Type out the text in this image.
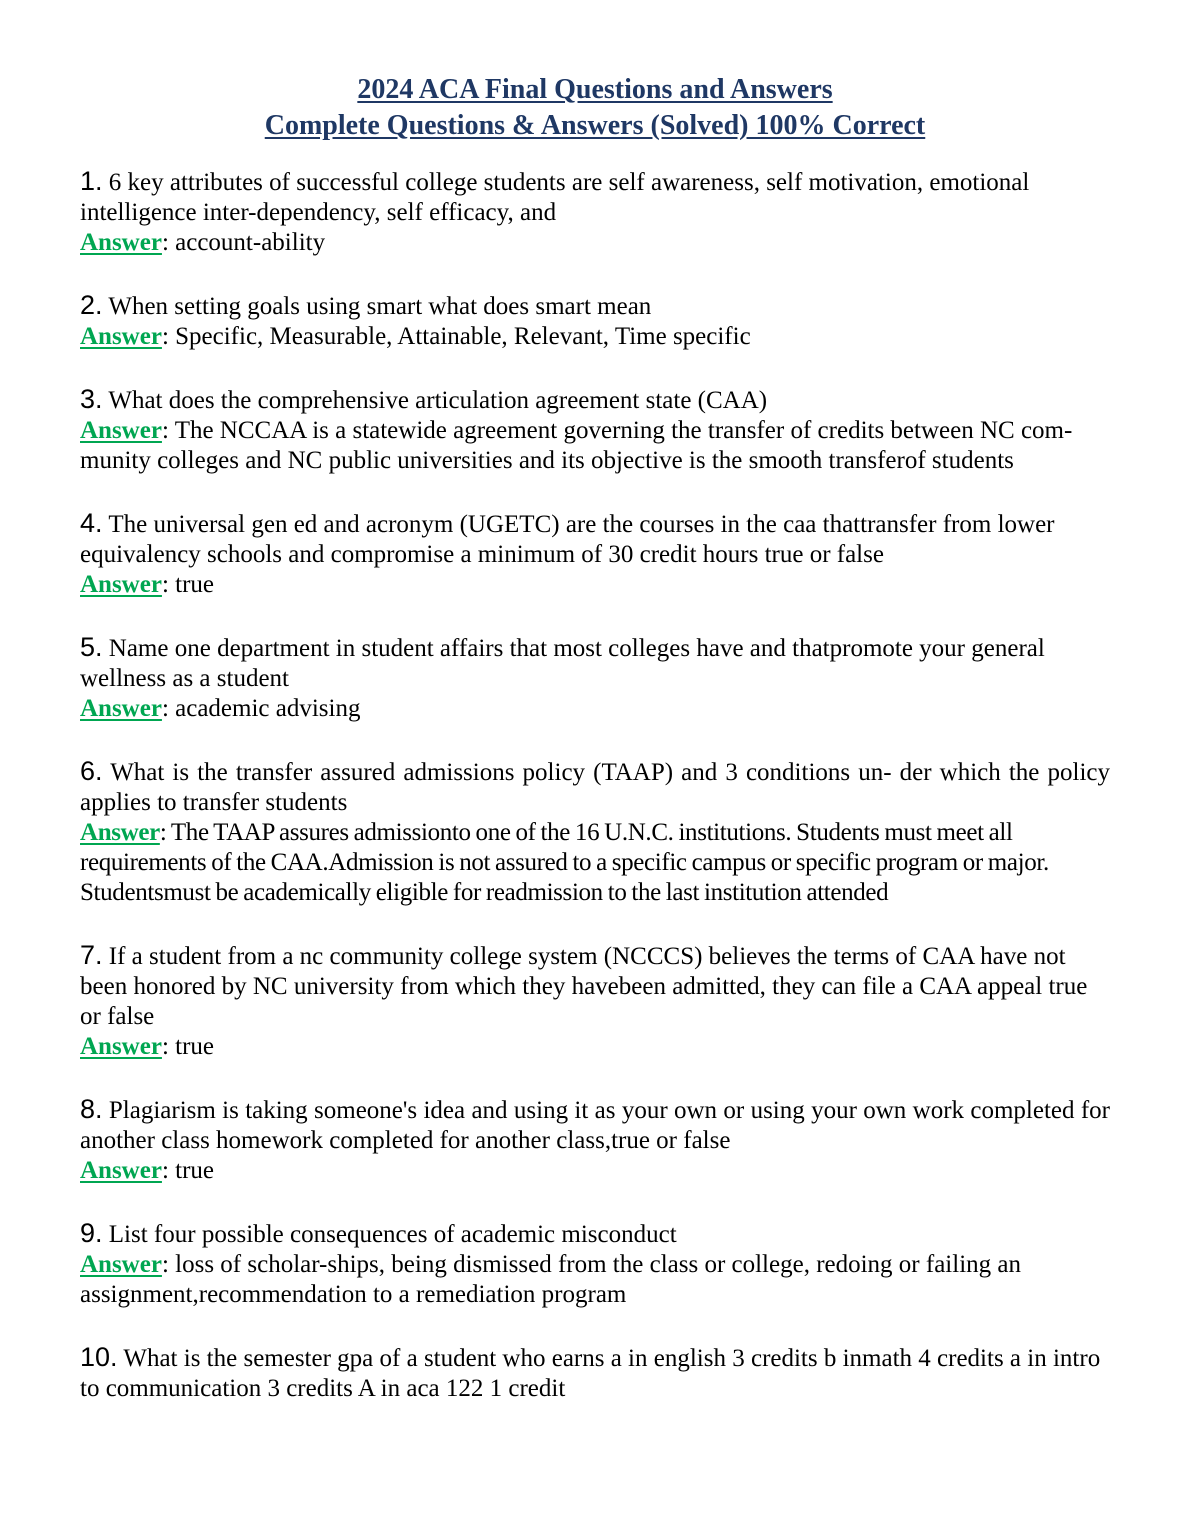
2024 ACA Final Questions and Answers
Complete Questions & Answers (Solved) 100% Correct

1. 6 key attributes of successful college students are self awareness, self motivation, emotional intelligence inter-dependency, self efficacy, and

Answer: account-ability

2. When setting goals using smart what does smart mean

Answer: Specific, Measurable, Attainable, Relevant, Time specific

3. What does the comprehensive articulation agreement state (CAA)

Answer: The NCCAA is a statewide agreement governing the transfer of credits between NC com-munity colleges and NC public universities and its objective is the smooth transferof students

4. The universal gen ed and acronym (UGETC) are the courses in the caa thattransfer from lower equivalency schools and compromise a minimum of 30 credit hours true or false

Answer: true

5. Name one department in student affairs that most colleges have and thatpromote your general wellness as a student

Answer: academic advising

6. What is the transfer assured admissions policy (TAAP) and 3 conditions un- der which the policy applies to transfer students

Answer: The TAAP assures admissionto one of the 16 U.N.C. institutions. Students must meet all requirements of the CAA.Admission is not assured to a specific campus or specific program or major. Studentsmust be academically eligible for readmission to the last institution attended

7. If a student from a nc community college system (NCCCS) believes the terms of CAA have not been honored by NC university from which they havebeen admitted, they can file a CAA appeal true or false

Answer: true

8. Plagiarism is taking someone's idea and using it as your own or using your own work completed for another class homework completed for another class,true or false

Answer: true

9. List four possible consequences of academic misconduct

Answer: loss of scholar-ships, being dismissed from the class or college, redoing or failing an assignment,recommendation to a remediation program

10. What is the semester gpa of a student who earns a in english 3 credits b inmath 4 credits a in intro to communication 3 credits A in aca 122 1 credit
